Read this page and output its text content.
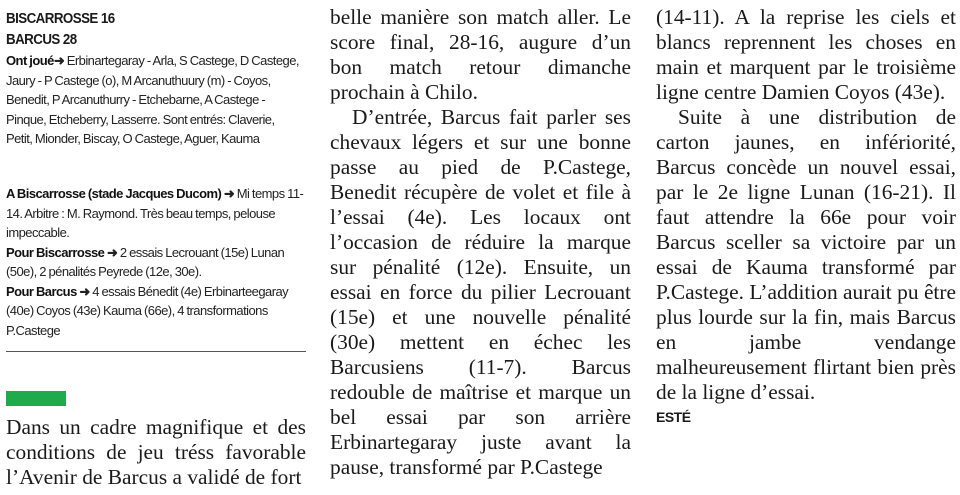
BISCARROSSE 16
BARCUS 28
Ont joué➜ Erbinartegaray - Arla, S Castege, D Castege, Jaury - P Castege (o), M Arcanuthuury (m) - Coyos, Benedit, P Arcanuthurry - Etchebarne, A Castege - Pinque, Etcheberry, Lasserre. Sont entrés: Claverie, Petit, Mionder, Biscay, O Castege, Aguer, Kauma
A Biscarrosse (stade Jacques Ducom) ➜ Mi temps 11-14. Arbitre : M. Raymond. Très beau temps, pelouse impeccable.
Pour Biscarrosse ➜ 2 essais Lecrouant (15e) Lunan (50e), 2 pénalités Peyrede (12e, 30e).
Pour Barcus ➜ 4 essais Bénedit (4e) Erbinarteegaray (40e) Coyos (43e) Kauma (66e), 4 transformations P.Castege

Dans un cadre magnifique et des conditions de jeu tréss favorable l’Avenir de Barcus a validé de fort

belle manière son match aller. Le score final, 28-16, augure d’un bon match retour dimanche prochain à Chilo.

D’entrée, Barcus fait parler ses chevaux légers et sur une bonne passe au pied de P.Castege, Benedit récupère de volet et file à l’essai (4e). Les locaux ont l’occasion de réduire la marque sur pénalité (12e). Ensuite, un essai en force du pilier Lecrouant (15e) et une nouvelle pénalité (30e) mettent en échec les Barcusiens (11-7). Barcus redouble de maîtrise et marque un bel essai par son arrière Erbinartegaray juste avant la pause, transformé par P.Castege

(14-11). A la reprise les ciels et blancs reprennent les choses en main et marquent par le troisième ligne centre Damien Coyos (43e).

Suite à une distribution de carton jaunes, en infériorité, Barcus concède un nouvel essai, par le 2e ligne Lunan (16-21). Il faut attendre la 66e pour voir Barcus sceller sa victoire par un essai de Kauma transformé par P.Castege. L’addition aurait pu être plus lourde sur la fin, mais Barcus en jambe vendange malheureusement flirtant bien près de la ligne d’essai.

ESTÉ
